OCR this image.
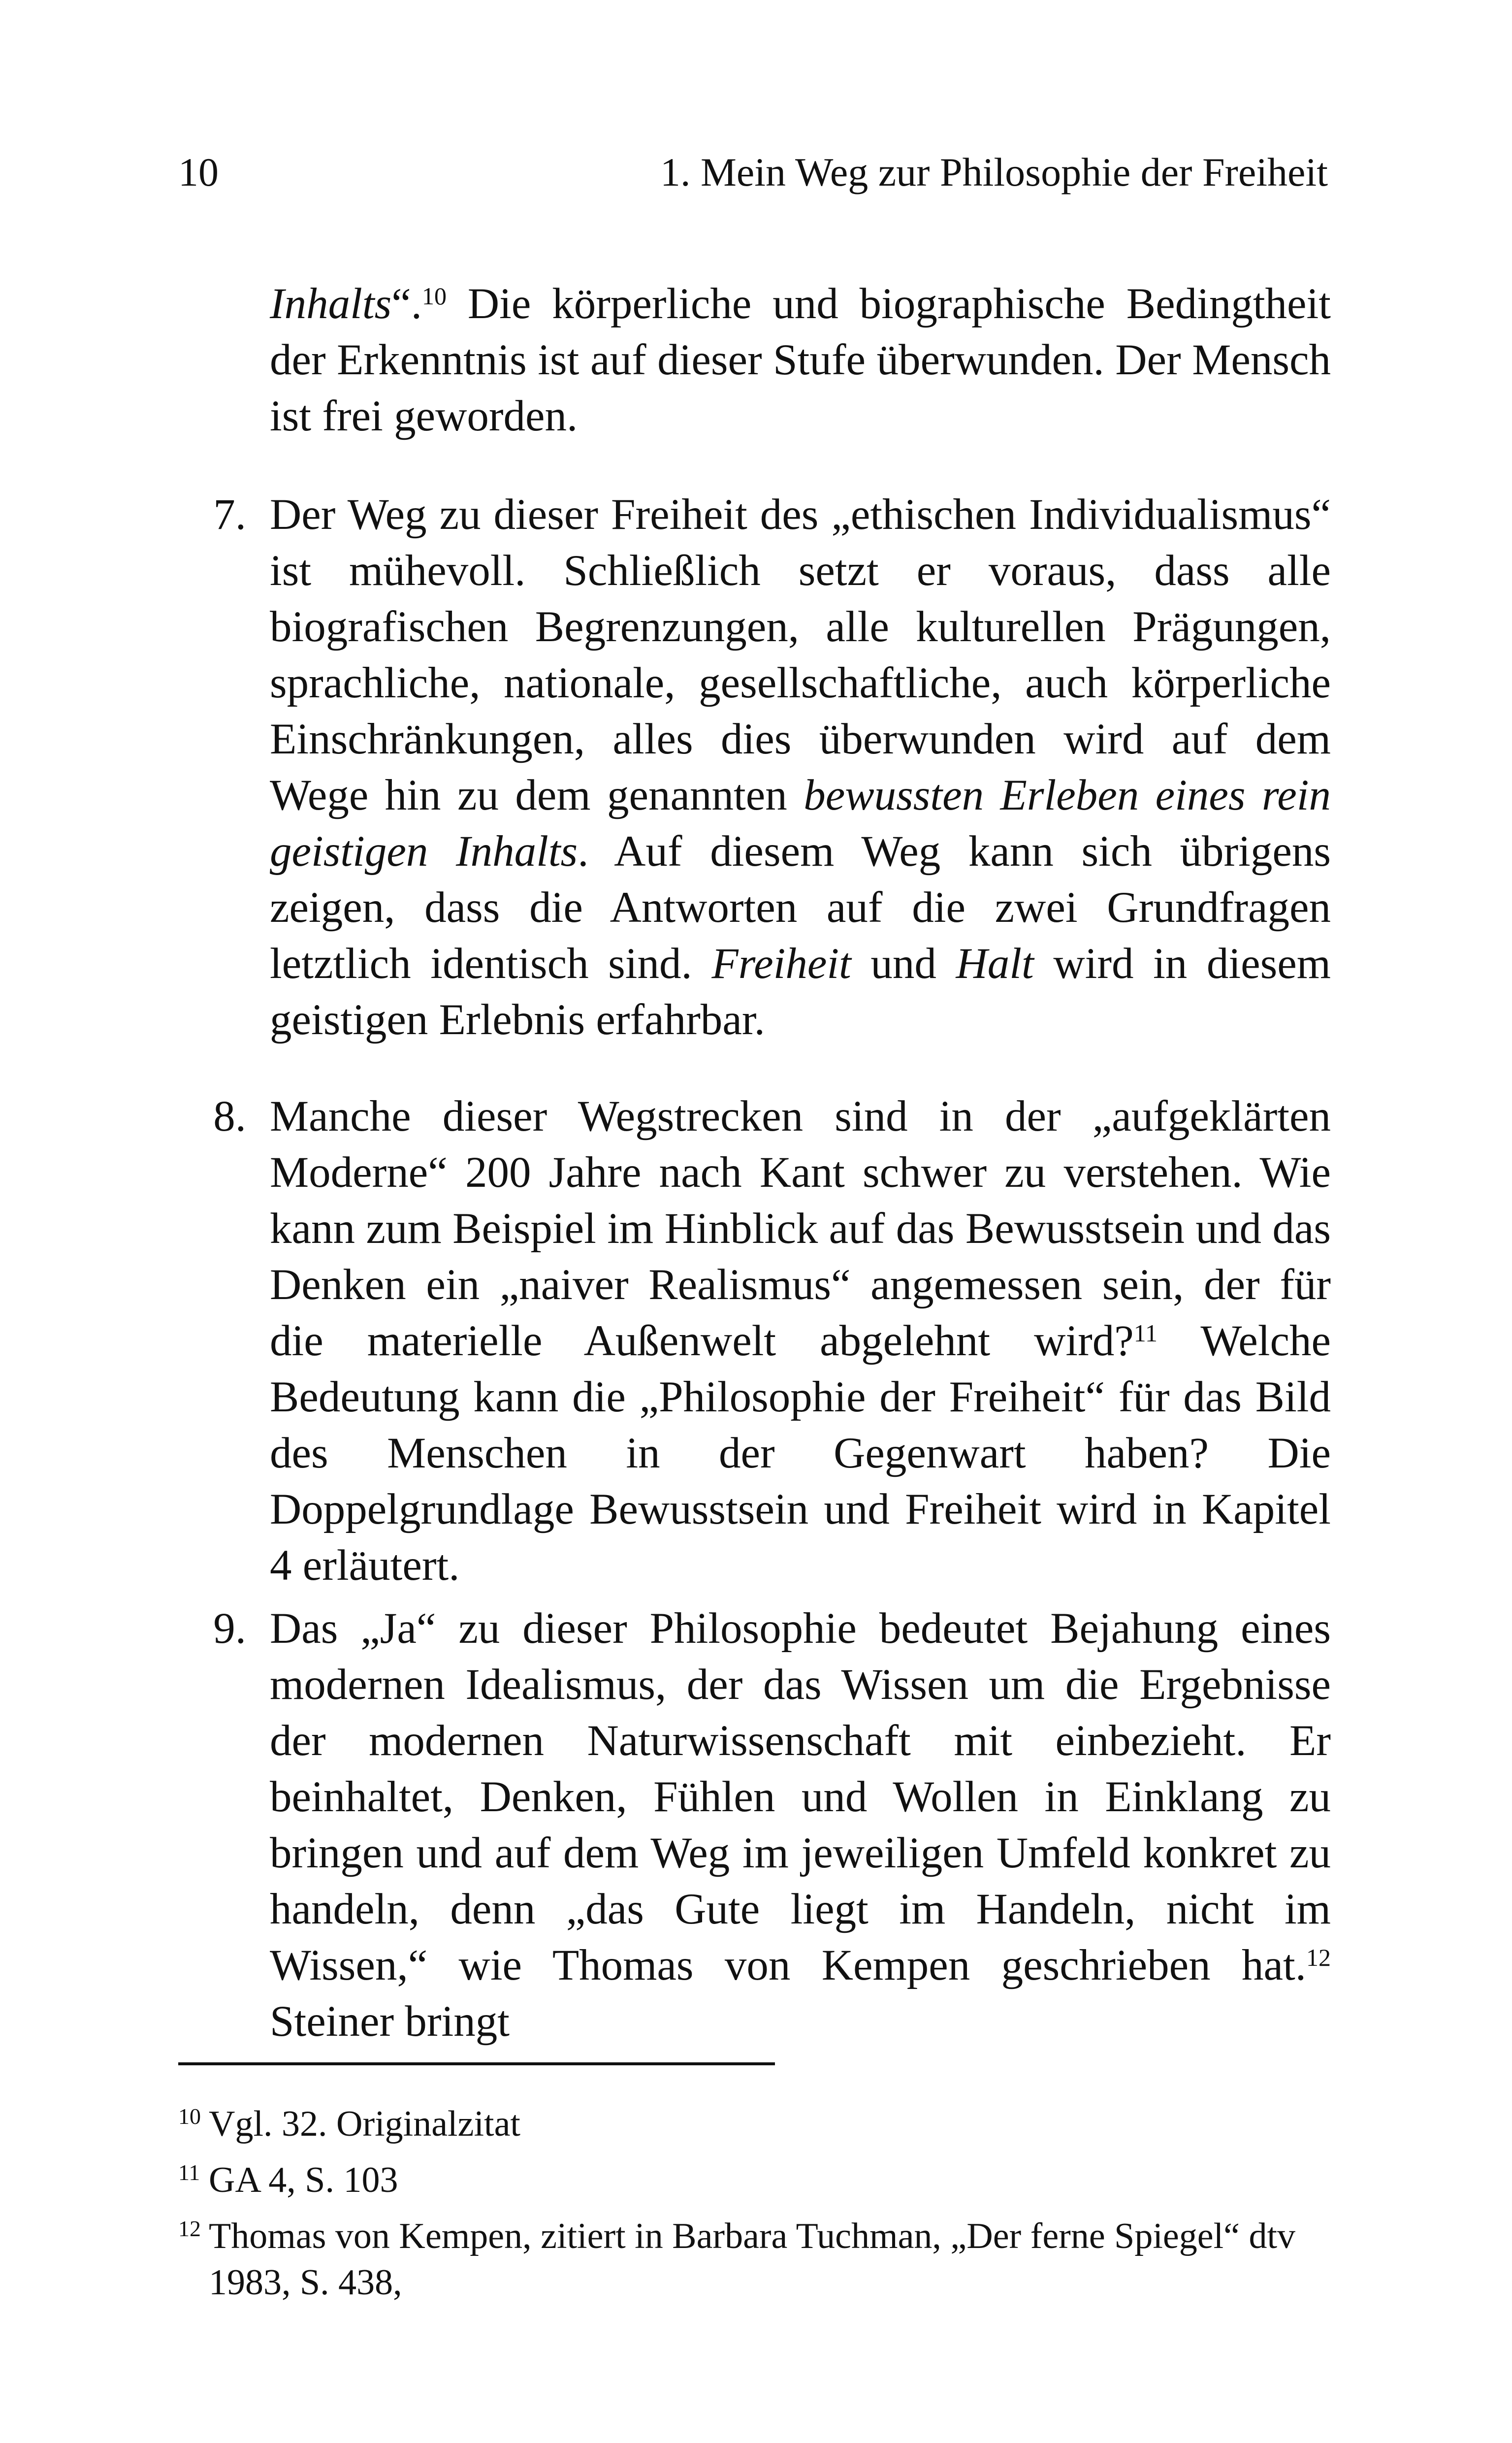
10	1. Mein Weg zur Philosophie der Freiheit

Inhalts“.$^{10}$ Die körperliche und biographische Bedingtheit der Erkenntnis ist auf dieser Stufe überwunden. Der Mensch ist frei geworden.

7. Der Weg zu dieser Freiheit des „ethischen Individualismus“ ist mühevoll. Schließlich setzt er voraus, dass alle biografischen Begrenzungen, alle kulturellen Prägungen, sprachliche, nationale, gesellschaftliche, auch körperliche Einschränkungen, alles dies überwunden wird auf dem Wege hin zu dem genannten bewussten Erleben eines rein geistigen Inhalts. Auf diesem Weg kann sich übrigens zeigen, dass die Antworten auf die zwei Grundfragen letztlich identisch sind. Freiheit und Halt wird in diesem geistigen Erlebnis erfahrbar.

8. Manche dieser Wegstrecken sind in der „aufgeklärten Moderne“ 200 Jahre nach Kant schwer zu verstehen. Wie kann zum Beispiel im Hinblick auf das Bewusstsein und das Denken ein „naiver Realismus“ angemessen sein, der für die materielle Außenwelt abgelehnt wird?$^{11}$ Welche Bedeutung kann die „Philosophie der Freiheit“ für das Bild des Menschen in der Gegenwart haben? Die Doppelgrundlage Bewusstsein und Freiheit wird in Kapitel 4 erläutert.

9. Das „Ja“ zu dieser Philosophie bedeutet Bejahung eines modernen Idealismus, der das Wissen um die Ergebnisse der modernen Naturwissenschaft mit einbezieht. Er beinhaltet, Denken, Fühlen und Wollen in Einklang zu bringen und auf dem Weg im jeweiligen Umfeld konkret zu handeln, denn „das Gute liegt im Handeln, nicht im Wissen,“ wie Thomas von Kempen geschrieben hat.$^{12}$ Steiner bringt

10 Vgl. 32. Originalzitat
11 GA 4, S. 103
12 Thomas von Kempen, zitiert in Barbara Tuchman, „Der ferne Spiegel“ dtv
1983, S. 438,
